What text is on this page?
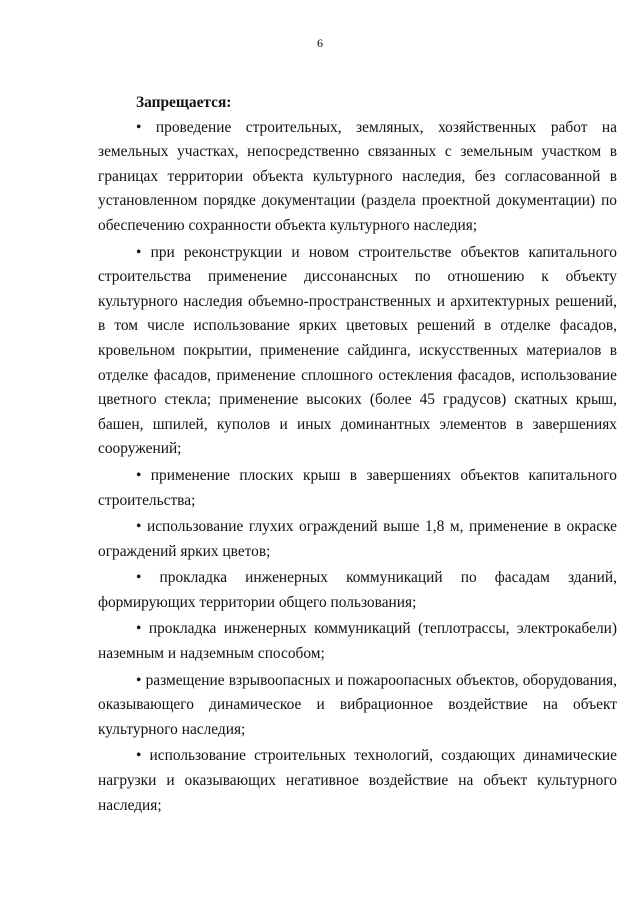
6

Запрещается:

• проведение строительных, земляных, хозяйственных работ на земельных участках, непосредственно связанных с земельным участком в границах территории объекта культурного наследия, без согласованной в установленном порядке документации (раздела проектной документации) по обеспечению сохранности объекта культурного наследия;

• при реконструкции и новом строительстве объектов капитального строительства применение диссонансных по отношению к объекту культурного наследия объемно-пространственных и архитектурных решений, в том числе использование ярких цветовых решений в отделке фасадов, кровельном покрытии, применение сайдинга, искусственных материалов в отделке фасадов, применение сплошного остекления фасадов, использование цветного стекла; применение высоких (более 45 градусов) скатных крыш, башен, шпилей, куполов и иных доминантных элементов в завершениях сооружений;

• применение плоских крыш в завершениях объектов капитального строительства;

• использование глухих ограждений выше 1,8 м, применение в окраске ограждений ярких цветов;

• прокладка инженерных коммуникаций по фасадам зданий, формирующих территории общего пользования;

• прокладка инженерных коммуникаций (теплотрассы, электрокабели) наземным и надземным способом;

• размещение взрывоопасных и пожароопасных объектов, оборудования, оказывающего динамическое и вибрационное воздействие на объект культурного наследия;

• использование строительных технологий, создающих динамические нагрузки и оказывающих негативное воздействие на объект культурного наследия;
